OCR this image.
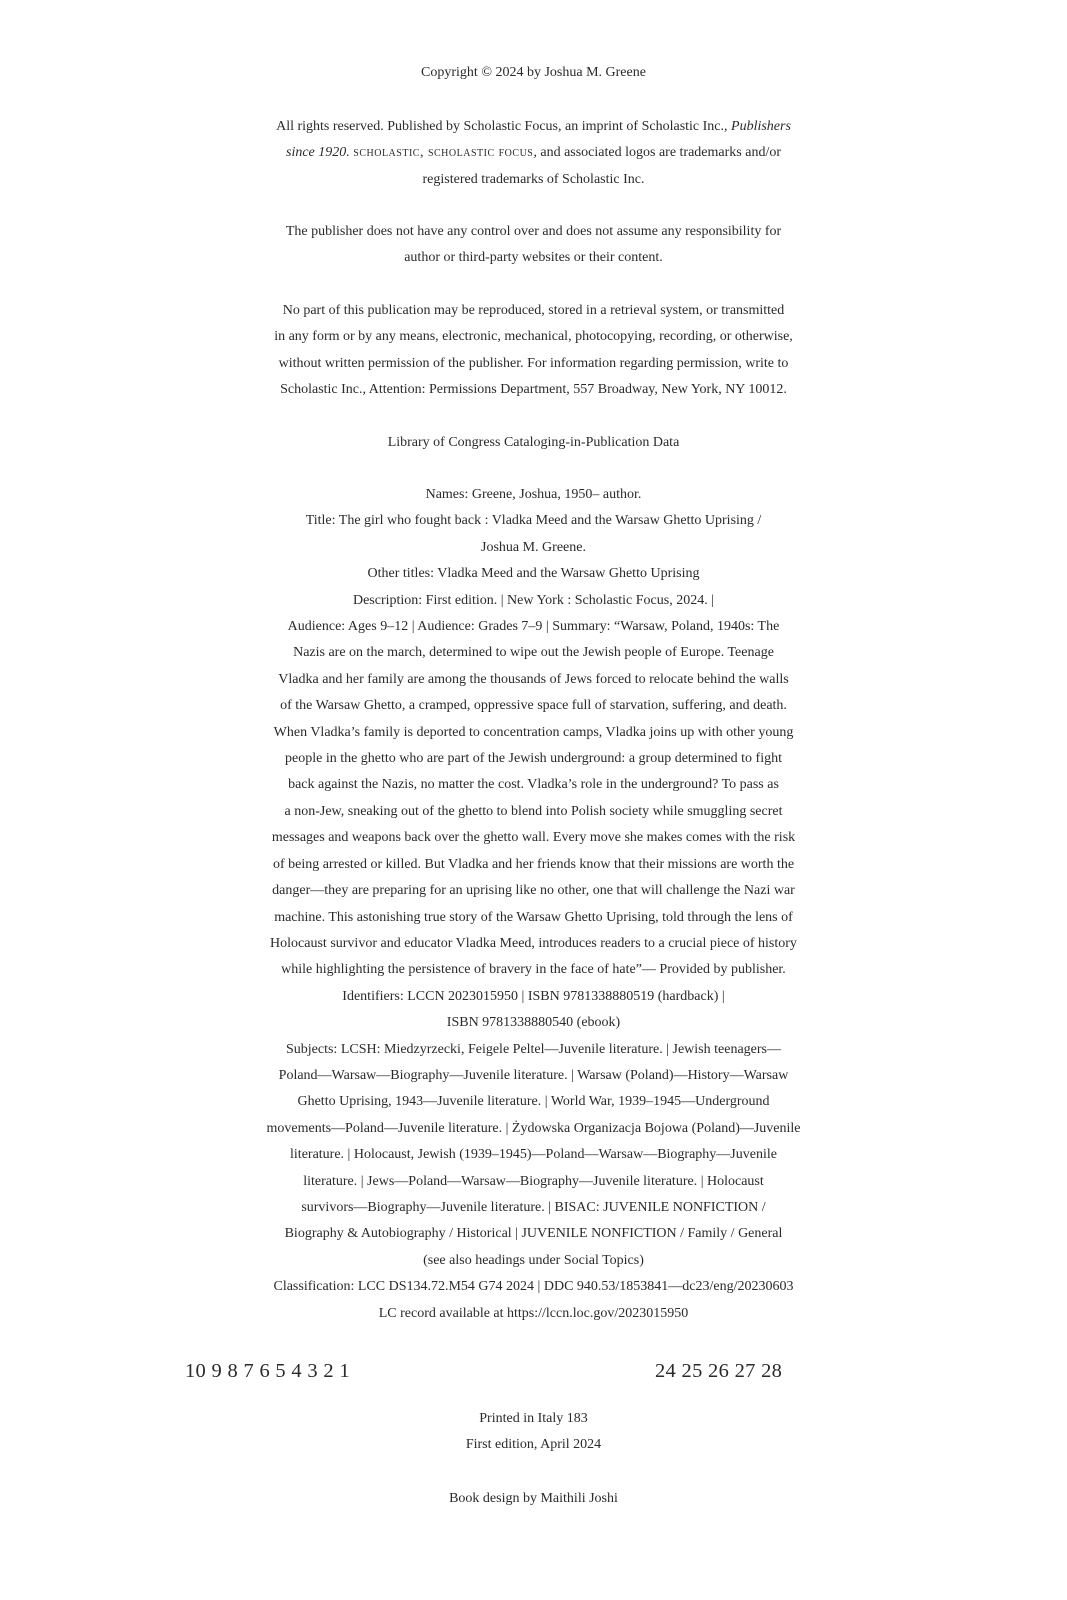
Copyright © 2024 by Joshua M. Greene

All rights reserved. Published by Scholastic Focus, an imprint of Scholastic Inc., Publishers
since 1920. scholastic, scholastic focus, and associated logos are trademarks and/or
registered trademarks of Scholastic Inc.

The publisher does not have any control over and does not assume any responsibility for
author or third-party websites or their content.

No part of this publication may be reproduced, stored in a retrieval system, or transmitted
in any form or by any means, electronic, mechanical, photocopying, recording, or otherwise,
without written permission of the publisher. For information regarding permission, write to
Scholastic Inc., Attention: Permissions Department, 557 Broadway, New York, NY 10012.

Library of Congress Cataloging-in-Publication Data

Names: Greene, Joshua, 1950– author.
Title: The girl who fought back : Vladka Meed and the Warsaw Ghetto Uprising /
Joshua M. Greene.
Other titles: Vladka Meed and the Warsaw Ghetto Uprising
Description: First edition. | New York : Scholastic Focus, 2024. |
Audience: Ages 9–12 | Audience: Grades 7–9 | Summary: “Warsaw, Poland, 1940s: The
Nazis are on the march, determined to wipe out the Jewish people of Europe. Teenage
Vladka and her family are among the thousands of Jews forced to relocate behind the walls
of the Warsaw Ghetto, a cramped, oppressive space full of starvation, suffering, and death.
When Vladka’s family is deported to concentration camps, Vladka joins up with other young
people in the ghetto who are part of the Jewish underground: a group determined to fight
back against the Nazis, no matter the cost. Vladka’s role in the underground? To pass as
a non-Jew, sneaking out of the ghetto to blend into Polish society while smuggling secret
messages and weapons back over the ghetto wall. Every move she makes comes with the risk
of being arrested or killed. But Vladka and her friends know that their missions are worth the
danger—they are preparing for an uprising like no other, one that will challenge the Nazi war
machine. This astonishing true story of the Warsaw Ghetto Uprising, told through the lens of
Holocaust survivor and educator Vladka Meed, introduces readers to a crucial piece of history
while highlighting the persistence of bravery in the face of hate”— Provided by publisher.
Identifiers: LCCN 2023015950 | ISBN 9781338880519 (hardback) |
ISBN 9781338880540 (ebook)
Subjects: LCSH: Miedzyrzecki, Feigele Peltel—Juvenile literature. | Jewish teenagers—
Poland—Warsaw—Biography—Juvenile literature. | Warsaw (Poland)—History—Warsaw
Ghetto Uprising, 1943—Juvenile literature. | World War, 1939–1945—Underground
movements—Poland—Juvenile literature. | Żydowska Organizacja Bojowa (Poland)—Juvenile
literature. | Holocaust, Jewish (1939–1945)—Poland—Warsaw—Biography—Juvenile
literature. | Jews—Poland—Warsaw—Biography—Juvenile literature. | Holocaust
survivors—Biography—Juvenile literature. | BISAC: JUVENILE NONFICTION /
Biography & Autobiography / Historical | JUVENILE NONFICTION / Family / General
(see also headings under Social Topics)
Classification: LCC DS134.72.M54 G74 2024 | DDC 940.53/1853841—dc23/eng/20230603
LC record available at https://lccn.loc.gov/2023015950

10 9 8 7 6 5 4 3 2 1	24 25 26 27 28

Printed in Italy 183
First edition, April 2024

Book design by Maithili Joshi
